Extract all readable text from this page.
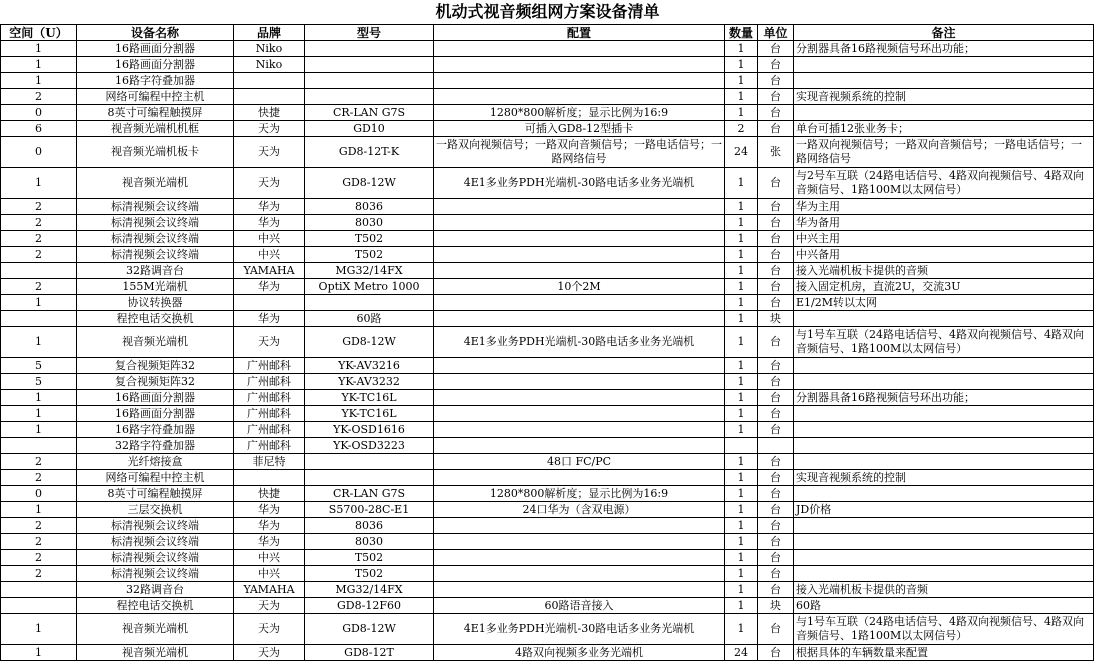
机动式视音频组网方案设备清单
空间（U）	设备名称	品牌	型号	配置	数量	单位	备注
1	16路画面分割器	Niko			1	台	分割器具备16路视频信号环出功能；
1	16路画面分割器	Niko			1	台	
1	16路字符叠加器				1	台	
2	网络可编程中控主机				1	台	实现音视频系统的控制
0	8英寸可编程触摸屏	快捷	CR-LAN G7S	1280*800解析度；显示比例为16:9	1	台	
6	视音频光端机机框	天为	GD10	可插入GD8-12型插卡	2	台	单台可插12张业务卡；
0	视音频光端机板卡	天为	GD8-12T-K	一路双向视频信号；一路双向音频信号；一路电话信号；一路网络信号	24	张	一路双向视频信号；一路双向音频信号；一路电话信号；一路网络信号
1	视音频光端机	天为	GD8-12W	4E1多业务PDH光端机-30路电话多业务光端机	1	台	与2号车互联（24路电话信号、4路双向视频信号、4路双向音频信号、1路100M以太网信号）
2	标清视频会议终端	华为	8036		1	台	华为主用
2	标清视频会议终端	华为	8030		1	台	华为备用
2	标清视频会议终端	中兴	T502		1	台	中兴主用
2	标清视频会议终端	中兴	T502		1	台	中兴备用
	32路调音台	YAMAHA	MG32/14FX		1	台	接入光端机板卡提供的音频
2	155M光端机	华为	OptiX Metro 1000	10个2M	1	台	接入固定机房，直流2U，交流3U
1	协议转换器				1	台	E1/2M转以太网
	程控电话交换机	华为	60路		1	块	
1	视音频光端机	天为	GD8-12W	4E1多业务PDH光端机-30路电话多业务光端机	1	台	与1号车互联（24路电话信号、4路双向视频信号、4路双向音频信号、1路100M以太网信号）
5	复合视频矩阵32	广州邮科	YK-AV3216		1	台	
5	复合视频矩阵32	广州邮科	YK-AV3232		1	台	
1	16路画面分割器	广州邮科	YK-TC16L		1	台	分割器具备16路视频信号环出功能；
1	16路画面分割器	广州邮科	YK-TC16L		1	台	
1	16路字符叠加器	广州邮科	YK-OSD1616		1	台	
	32路字符叠加器	广州邮科	YK-OSD3223				
2	光纤熔接盒	菲尼特		48口 FC/PC	1	台	
2	网络可编程中控主机				1	台	实现音视频系统的控制
0	8英寸可编程触摸屏	快捷	CR-LAN G7S	1280*800解析度；显示比例为16:9	1	台	
1	三层交换机	华为	S5700-28C-E1	24口华为（含双电源）	1	台	JD价格
2	标清视频会议终端	华为	8036		1	台	
2	标清视频会议终端	华为	8030		1	台	
2	标清视频会议终端	中兴	T502		1	台	
2	标清视频会议终端	中兴	T502		1	台	
	32路调音台	YAMAHA	MG32/14FX		1	台	接入光端机板卡提供的音频
	程控电话交换机	天为	GD8-12F60	60路语音接入	1	块	60路
1	视音频光端机	天为	GD8-12W	4E1多业务PDH光端机-30路电话多业务光端机	1	台	与1号车互联（24路电话信号、4路双向视频信号、4路双向音频信号、1路100M以太网信号）
1	视音频光端机	天为	GD8-12T	4路双向视频多业务光端机	24	台	根据具体的车辆数量来配置
